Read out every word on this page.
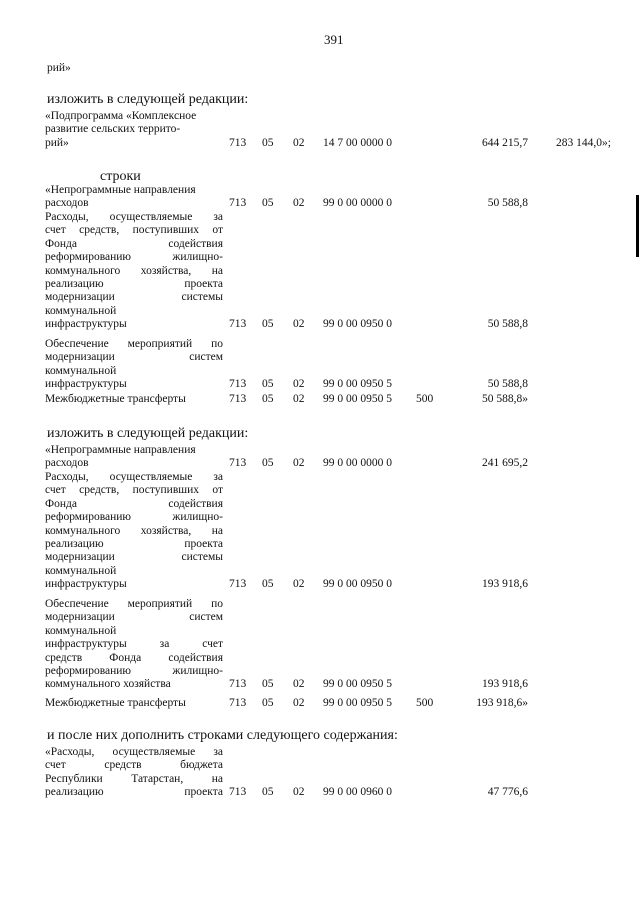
391
рий»
изложить в следующей редакции:
«Подпрограмма «Комплексное
развитие сельских террито-
рий»	713 05 02 14 7 00 0000 0	644 215,7 283 144,0»;
строки
«Непрограммные направления
расходов	713 05 02 99 0 00 0000 0	50 588,8
Расходы, осуществляемые за
счет средств, поступивших от
Фонда содействия
реформированию жилищно-
коммунального хозяйства, на
реализацию проекта
модернизации системы
коммунальной
инфраструктуры	713 05 02 99 0 00 0950 0	50 588,8
Обеспечение мероприятий по
модернизации систем
коммунальной
инфраструктуры	713 05 02 99 0 00 0950 5	50 588,8
Межбюджетные трансферты	713 05 02 99 0 00 0950 5 500	50 588,8»
изложить в следующей редакции:
«Непрограммные направления
расходов	713 05 02 99 0 00 0000 0	241 695,2
Расходы, осуществляемые за
счет средств, поступивших от
Фонда содействия
реформированию жилищно-
коммунального хозяйства, на
реализацию проекта
модернизации системы
коммунальной
инфраструктуры	713 05 02 99 0 00 0950 0	193 918,6
Обеспечение мероприятий по
модернизации систем
коммунальной
инфраструктуры за счет
средств Фонда содействия
реформированию жилищно-
коммунального хозяйства	713 05 02 99 0 00 0950 5	193 918,6
Межбюджетные трансферты	713 05 02 99 0 00 0950 5 500	193 918,6»
и после них дополнить строками следующего содержания:
«Расходы, осуществляемые за
счет средств бюджета
Республики Татарстан, на
реализацию проекта 713 05 02 99 0 00 0960 0	47 776,6
